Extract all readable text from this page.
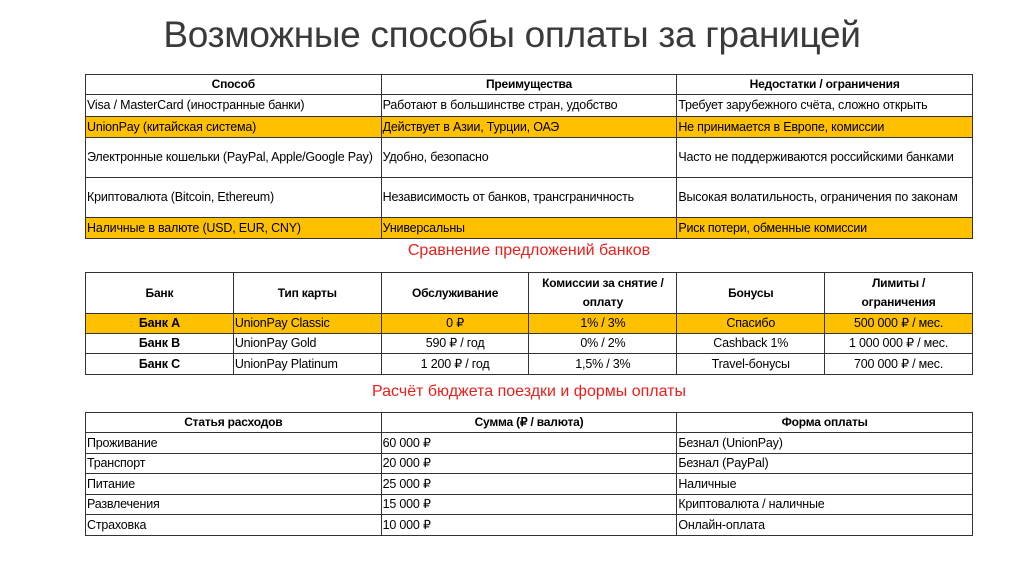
Возможные способы оплаты за границей
Способ	Преимущества	Недостатки / ограничения
Visa / MasterCard (иностранные банки)	Работают в большинстве стран, удобство	Требует зарубежного счёта, сложно открыть
UnionPay (китайская система)	Действует в Азии, Турции, ОАЭ	Не принимается в Европе, комиссии
Электронные кошельки (PayPal, Apple/Google Pay)	Удобно, безопасно	Часто не поддерживаются российскими банками
Криптовалюта (Bitcoin, Ethereum)	Независимость от банков, трансграничность	Высокая волатильность, ограничения по законам
Наличные в валюте (USD, EUR, CNY)	Универсальны	Риск потери, обменные комиссии
Сравнение предложений банков
Банк	Тип карты	Обслуживание	Комиссии за снятие / оплату	Бонусы	Лимиты / ограничения
Банк A	UnionPay Classic	0 ₽	1% / 3%	Спасибо	500 000 ₽ / мес.
Банк B	UnionPay Gold	590 ₽ / год	0% / 2%	Cashback 1%	1 000 000 ₽ / мес.
Банк C	UnionPay Platinum	1 200 ₽ / год	1,5% / 3%	Travel-бонусы	700 000 ₽ / мес.
Расчёт бюджета поездки и формы оплаты
Статья расходов	Сумма (₽ / валюта)	Форма оплаты
Проживание	60 000 ₽	Безнал (UnionPay)
Транспорт	20 000 ₽	Безнал (PayPal)
Питание	25 000 ₽	Наличные
Развлечения	15 000 ₽	Криптовалюта / наличные
Страховка	10 000 ₽	Онлайн-оплата
